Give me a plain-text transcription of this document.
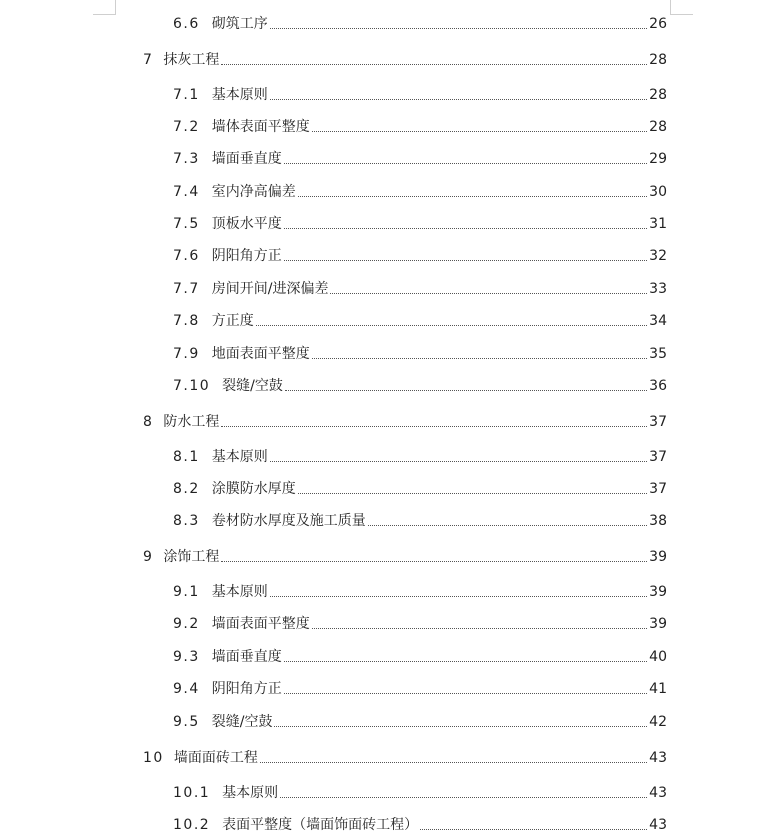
6.6 砌筑工序	26
7 抹灰工程	28
7.1 基本原则	28
7.2 墙体表面平整度	28
7.3 墙面垂直度	29
7.4 室内净高偏差	30
7.5 顶板水平度	31
7.6 阴阳角方正	32
7.7 房间开间/进深偏差	33
7.8 方正度	34
7.9 地面表面平整度	35
7.10 裂缝/空鼓	36
8 防水工程	37
8.1 基本原则	37
8.2 涂膜防水厚度	37
8.3 卷材防水厚度及施工质量	38
9 涂饰工程	39
9.1 基本原则	39
9.2 墙面表面平整度	39
9.3 墙面垂直度	40
9.4 阴阳角方正	41
9.5 裂缝/空鼓	42
10 墙面面砖工程	43
10.1 基本原则	43
10.2 表面平整度（墙面饰面砖工程）	43
